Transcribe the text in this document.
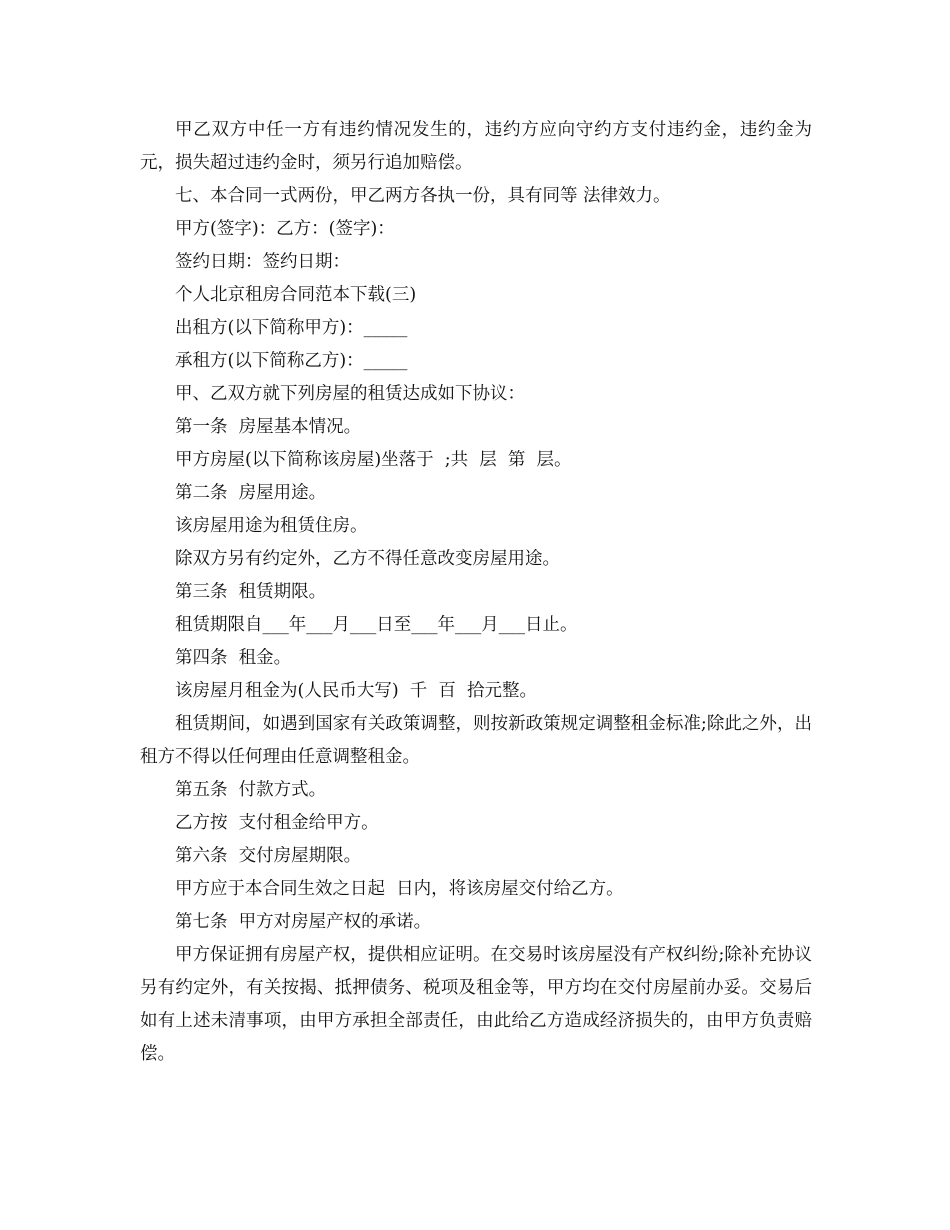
甲乙双方中任一方有违约情况发生的，违约方应向守约方支付违约金，违约金为元，损失超过违约金时，须另行追加赔偿。

七、本合同一式两份，甲乙两方各执一份，具有同等 法律效力。

甲方(签字)：乙方：(签字)：

签约日期：签约日期：

个人北京租房合同范本下载(三)

出租方(以下简称甲方)：_____

承租方(以下简称乙方)：_____

甲、乙双方就下列房屋的租赁达成如下协议：

第一条  房屋基本情况。

甲方房屋(以下简称该房屋)坐落于  ;共  层  第  层。

第二条  房屋用途。

该房屋用途为租赁住房。

除双方另有约定外，乙方不得任意改变房屋用途。

第三条  租赁期限。

租赁期限自___年___月___日至___年___月___日止。

第四条  租金。

该房屋月租金为(人民币大写)  千  百  拾元整。

租赁期间，如遇到国家有关政策调整，则按新政策规定调整租金标准;除此之外，出租方不得以任何理由任意调整租金。

第五条  付款方式。

乙方按  支付租金给甲方。

第六条  交付房屋期限。

甲方应于本合同生效之日起  日内，将该房屋交付给乙方。

第七条  甲方对房屋产权的承诺。

甲方保证拥有房屋产权，提供相应证明。在交易时该房屋没有产权纠纷;除补充协议另有约定外，有关按揭、抵押债务、税项及租金等，甲方均在交付房屋前办妥。交易后如有上述未清事项，由甲方承担全部责任，由此给乙方造成经济损失的，由甲方负责赔偿。
